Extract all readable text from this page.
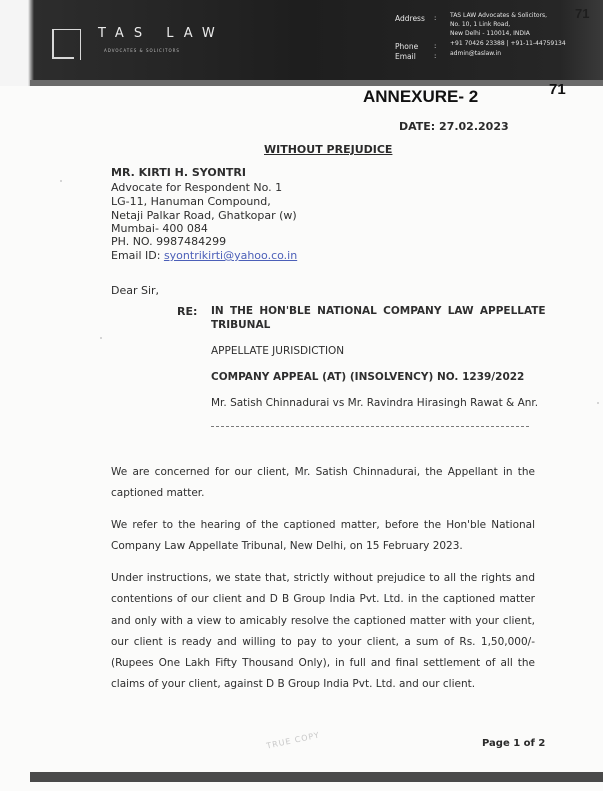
TAS LAW
ADVOCATES & SOLICITORS
Address : TAS LAW Advocates & Solicitors,
No. 10, 1 Link Road,
New Delhi - 110014, INDIA
Phone : +91 70426 23388 | +91-11-44759134
Email	: admin@taslaw.in
71
ANNEXURE- 2	71
DATE: 27.02.2023
WITHOUT PREJUDICE
MR. KIRTI H. SYONTRI
Advocate for Respondent No. 1
LG-11, Hanuman Compound,
Netaji Palkar Road, Ghatkopar (w)
Mumbai- 400 084
PH. NO. 9987484299
Email ID: syontrikirti@yahoo.co.in
Dear Sir,
RE: IN THE HON'BLE NATIONAL COMPANY LAW APPELLATE
TRIBUNAL
APPELLATE JURISDICTION
COMPANY APPEAL (AT) (INSOLVENCY) NO. 1239/2022
Mr. Satish Chinnadurai vs Mr. Ravindra Hirasingh Rawat & Anr.
We are concerned for our client, Mr. Satish Chinnadurai, the Appellant in the captioned matter.
We refer to the hearing of the captioned matter, before the Hon'ble National Company Law Appellate Tribunal, New Delhi, on 15 February 2023.
Under instructions, we state that, strictly without prejudice to all the rights and contentions of our client and D B Group India Pvt. Ltd. in the captioned matter and only with a view to amicably resolve the captioned matter with your client, our client is ready and willing to pay to your client, a sum of Rs. 1,50,000/- (Rupees One Lakh Fifty Thousand Only), in full and final settlement of all the claims of your client, against D B Group India Pvt. Ltd. and our client.
TRUE COPY	Page 1 of 2
